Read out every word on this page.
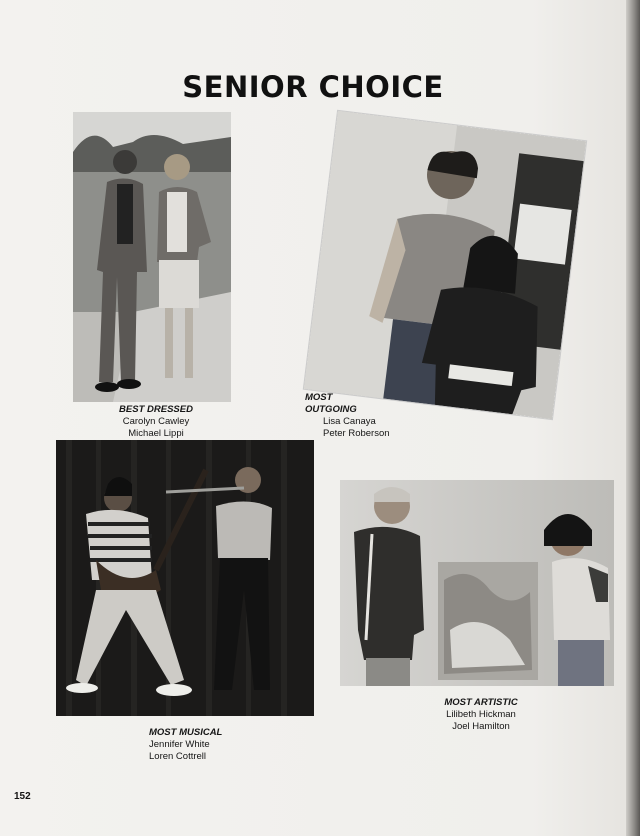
SENIOR CHOICE
BEST DRESSED
Carolyn Cawley
Michael Lippi
MOST
OUTGOING
Lisa Canaya
Peter Roberson
MOST MUSICAL
Jennifer White
Loren Cottrell
MOST ARTISTIC
Lilibeth Hickman
Joel Hamilton
152
